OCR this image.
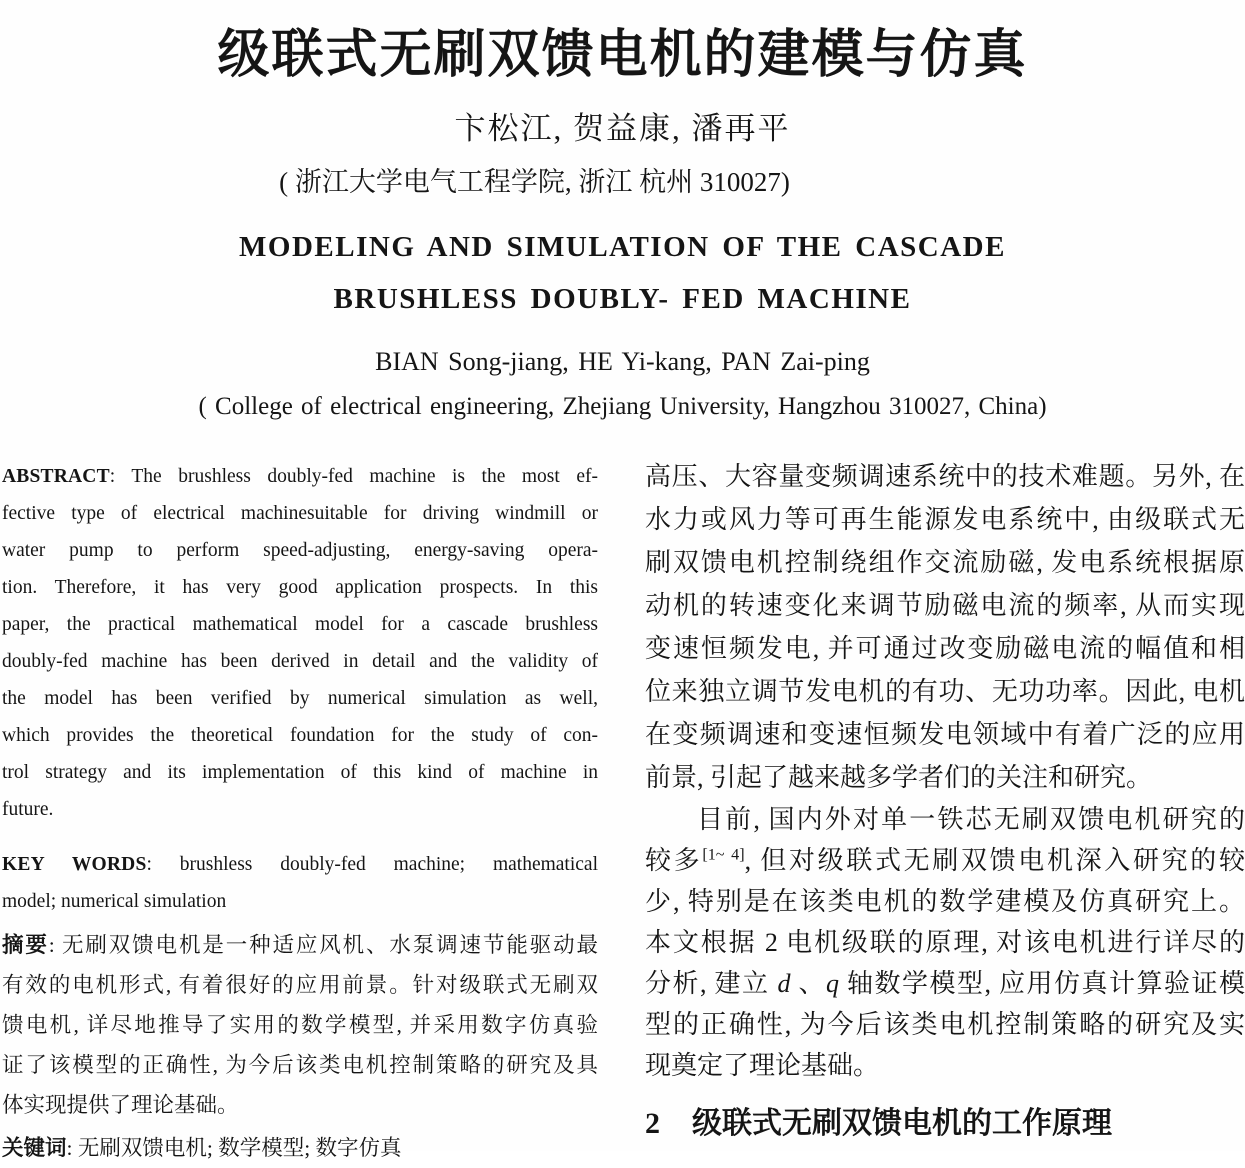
级联式无刷双馈电机的建模与仿真
卞松江, 贺益康, 潘再平
( 浙江大学电气工程学院, 浙江 杭州 310027)
MODELING AND SIMULATION OF THE CASCADE
BRUSHLESS DOUBLY- FED MACHINE
BIAN Song-jiang, HE Yi-kang, PAN Zai-ping
( College of electrical engineering, Zhejiang University, Hangzhou 310027, China)
ABSTRACT: The brushless doubly-fed machine is the most ef-
fective type of electrical machinesuitable for driving windmill or
water pump to perform speed-adjusting, energy-saving opera-
tion. Therefore, it has very good application prospects. In this
paper, the practical mathematical model for a cascade brushless
doubly-fed machine has been derived in detail and the validity of
the model has been verified by numerical simulation as well,
which provides the theoretical foundation for the study of con-
trol strategy and its implementation of this kind of machine in
future.
KEY WORDS: brushless doubly-fed machine; mathematical
model; numerical simulation
摘要: 无刷双馈电机是一种适应风机、水泵调速节能驱动最
有效的电机形式, 有着很好的应用前景。针对级联式无刷双
馈电机, 详尽地推导了实用的数学模型, 并采用数字仿真验
证了该模型的正确性, 为今后该类电机控制策略的研究及具
体实现提供了理论基础。
关键词: 无刷双馈电机; 数学模型; 数字仿真
高压、大容量变频调速系统中的技术难题。另外, 在
水力或风力等可再生能源发电系统中, 由级联式无
刷双馈电机控制绕组作交流励磁, 发电系统根据原
动机的转速变化来调节励磁电流的频率, 从而实现
变速恒频发电, 并可通过改变励磁电流的幅值和相
位来独立调节发电机的有功、无功功率。因此, 电机
在变频调速和变速恒频发电领域中有着广泛的应用
前景, 引起了越来越多学者们的关注和研究。
目前, 国内外对单一铁芯无刷双馈电机研究的
较多[1~ 4], 但对级联式无刷双馈电机深入研究的较
少, 特别是在该类电机的数学建模及仿真研究上。
本文根据 2 电机级联的原理, 对该电机进行详尽的
分析, 建立 d 、q 轴数学模型, 应用仿真计算验证模
型的正确性, 为今后该类电机控制策略的研究及实
现奠定了理论基础。
2 级联式无刷双馈电机的工作原理
